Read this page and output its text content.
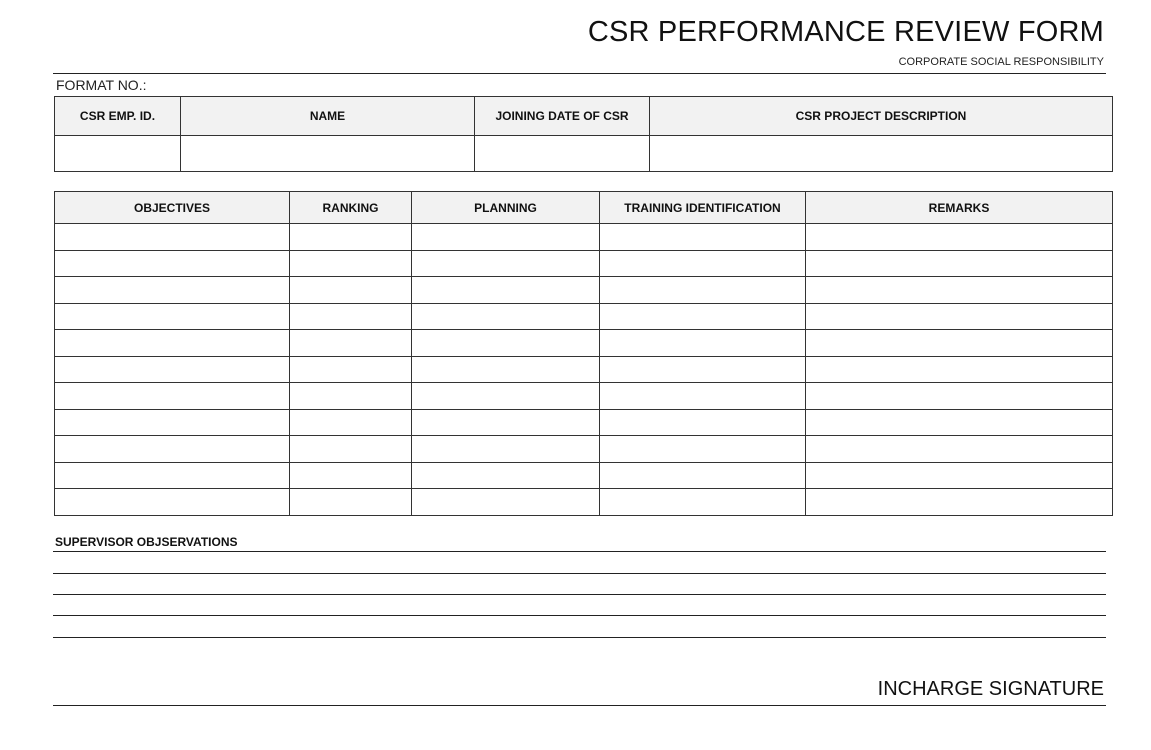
CSR PERFORMANCE REVIEW FORM
CORPORATE SOCIAL RESPONSIBILITY
FORMAT NO.:
CSR EMP. ID.	NAME	JOINING DATE OF CSR	CSR PROJECT DESCRIPTION

OBJECTIVES	RANKING	PLANNING	TRAINING IDENTIFICATION	REMARKS

SUPERVISOR OBJSERVATIONS
INCHARGE SIGNATURE
